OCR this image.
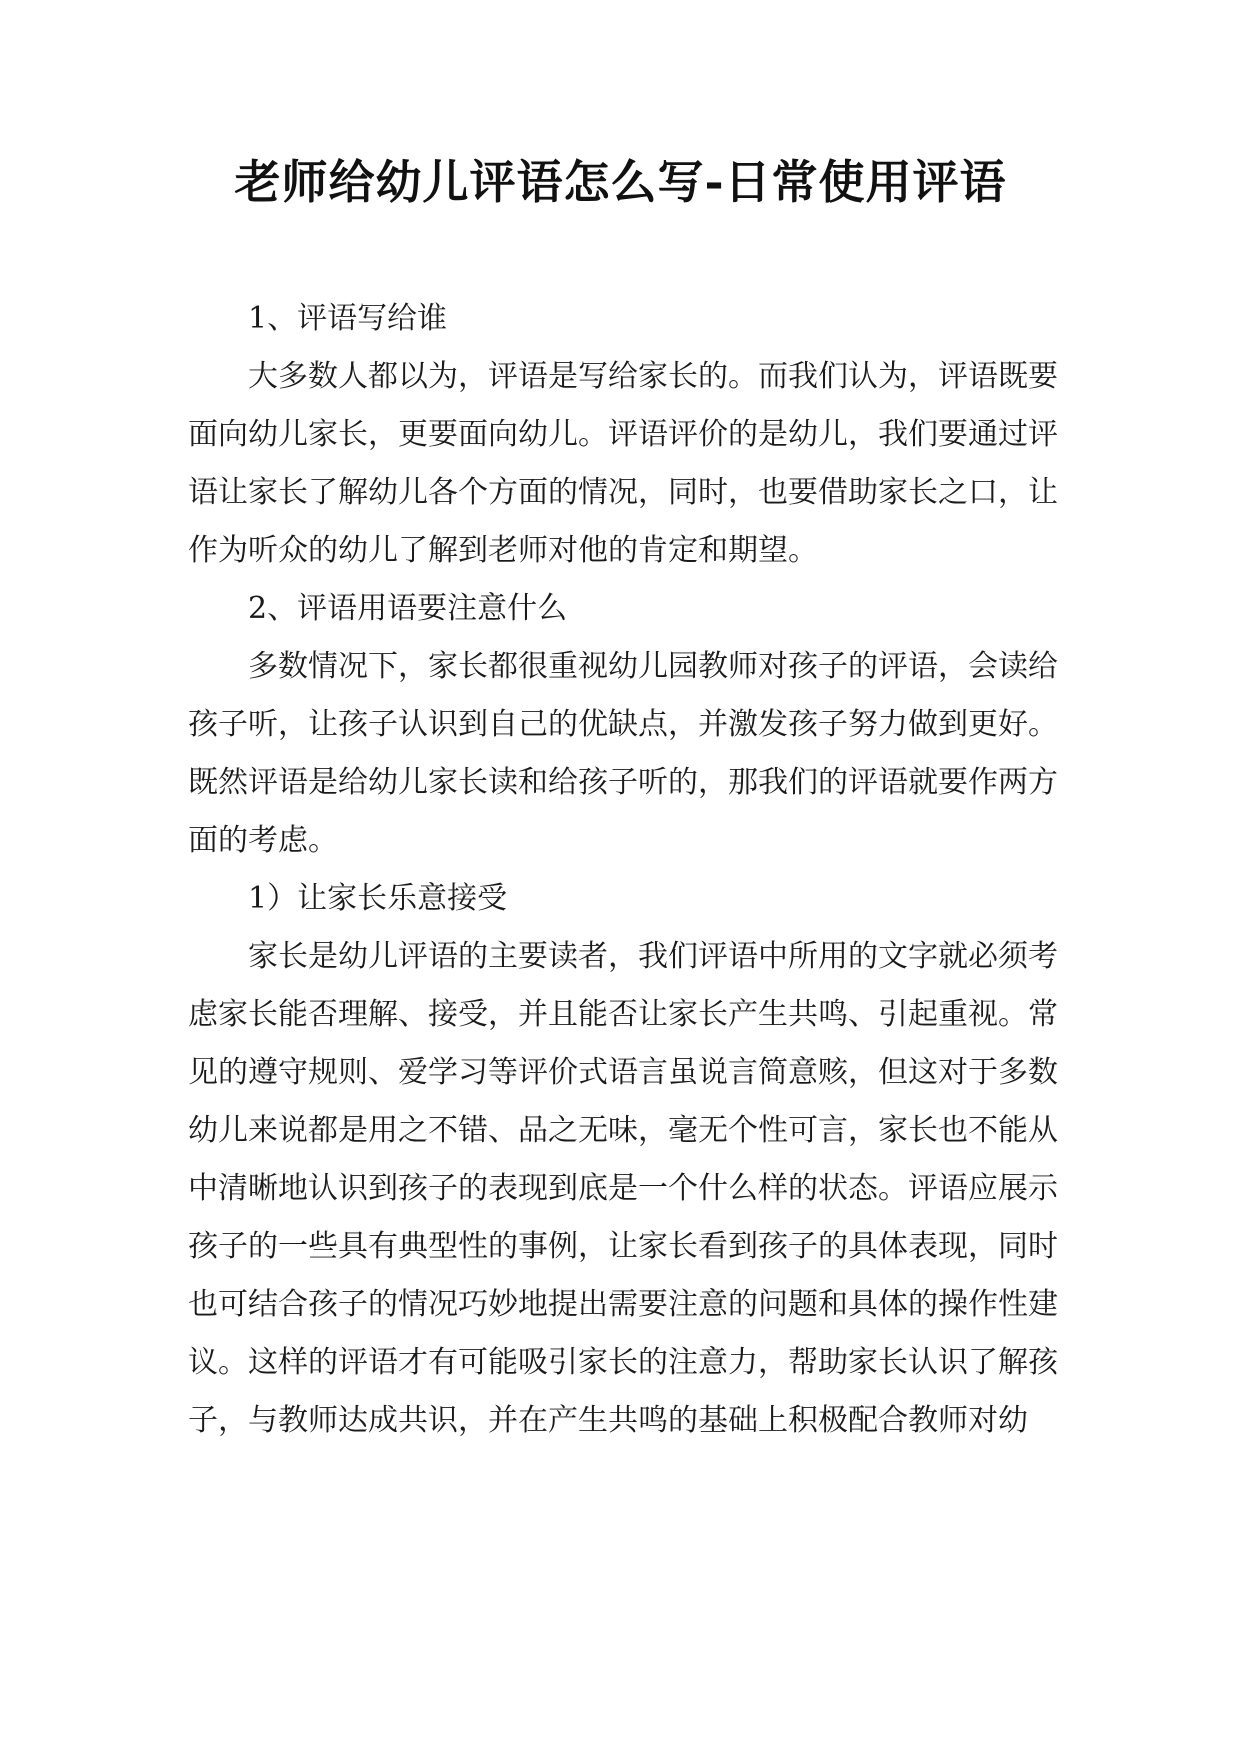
老师给幼儿评语怎么写-日常使用评语

1、评语写给谁

大多数人都以为，评语是写给家长的。而我们认为，评语既要面向幼儿家长，更要面向幼儿。评语评价的是幼儿，我们要通过评语让家长了解幼儿各个方面的情况，同时，也要借助家长之口，让作为听众的幼儿了解到老师对他的肯定和期望。

2、评语用语要注意什么

多数情况下，家长都很重视幼儿园教师对孩子的评语，会读给孩子听，让孩子认识到自己的优缺点，并激发孩子努力做到更好。既然评语是给幼儿家长读和给孩子听的，那我们的评语就要作两方面的考虑。

1）让家长乐意接受

家长是幼儿评语的主要读者，我们评语中所用的文字就必须考虑家长能否理解、接受，并且能否让家长产生共鸣、引起重视。常见的遵守规则、爱学习等评价式语言虽说言简意赅，但这对于多数幼儿来说都是用之不错、品之无味，毫无个性可言，家长也不能从中清晰地认识到孩子的表现到底是一个什么样的状态。评语应展示孩子的一些具有典型性的事例，让家长看到孩子的具体表现，同时也可结合孩子的情况巧妙地提出需要注意的问题和具体的操作性建议。这样的评语才有可能吸引家长的注意力，帮助家长认识了解孩子，与教师达成共识，并在产生共鸣的基础上积极配合教师对幼
